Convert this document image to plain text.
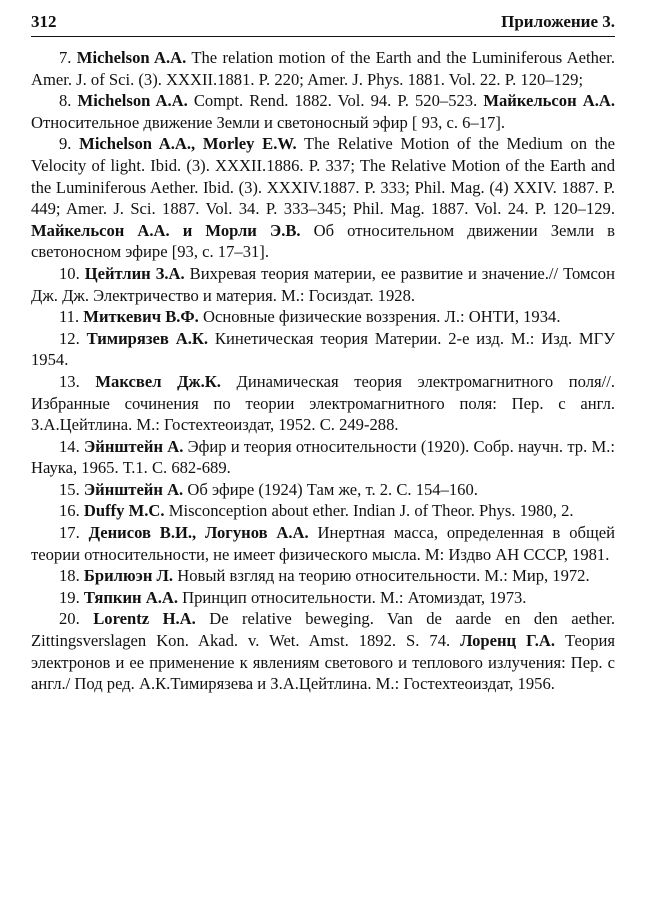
312	Приложение 3.

7. Michelson A.A. The relation motion of the Earth and the Luminiferous Aether. Amer. J. of Sci. (3). XXXII.1881. P. 220; Amer. J. Phys. 1881. Vol. 22. P. 120–129;

8. Michelson A.A. Compt. Rend. 1882. Vol. 94. P. 520–523. Майкельсон А.А. Относительное движение Земли и светоносный эфир [ 93, с. 6–17].

9. Michelson A.A., Morley E.W. The Relative Motion of the Medium on the Velocity of light. Ibid. (3). XXXII.1886. P. 337; The Relative Motion of the Earth and the Luminiferous Aether. Ibid. (3). XXXIV.1887. P. 333; Phil. Mag. (4) XXIV. 1887. P. 449; Amer. J. Sci. 1887. Vol. 34. P. 333–345; Phil. Mag. 1887. Vol. 24. P. 120–129. Майкельсон А.А. и Морли Э.В. Об относительном движении Земли в светоносном эфире [93, с. 17–31].

10. Цейтлин З.А. Вихревая теория материи, ее развитие и значение.// Томсон Дж. Дж. Электричество и материя. М.: Госиздат. 1928.

11. Миткевич В.Ф. Основные физические воззрения. Л.: ОНТИ, 1934.

12. Тимирязев А.К. Кинетическая теория Материи. 2-е изд. М.: Изд. МГУ 1954.

13. Максвел Дж.К. Динамическая теория электромагнитного поля//. Избранные сочинения по теории электромагнитного поля: Пер. с англ. З.А.Цейтлина. М.: Гостехтеоиздат, 1952. С. 249-288.

14. Эйнштейн А. Эфир и теория относительности (1920). Собр. научн. тр. М.: Наука, 1965. Т.1. С. 682-689.

15. Эйнштейн А. Об эфире (1924) Там же, т. 2. С. 154–160.

16. Duffy M.C. Misconception about ether. Indian J. of Theor. Phys. 1980, 2.

17. Денисов В.И., Логунов А.А. Инертная масса, определенная в общей теории относительности, не имеет физического мысла. М: Издво АН СССР, 1981.

18. Брилюэн Л. Новый взгляд на теорию относительности. М.: Мир, 1972.

19. Тяпкин А.А. Принцип относительности. М.: Атомиздат, 1973.

20. Lorentz H.A. De relative beweging. Van de aarde en den aether. Zittingsverslagen Kon. Akad. v. Wet. Amst. 1892. S. 74. Лоренц Г.А. Теория электронов и ее применение к явлениям светового и теплового излучения: Пер. с англ./ Под ред. А.К.Тимирязева и З.А.Цейтлина. М.: Гостехтеоиздат, 1956.
